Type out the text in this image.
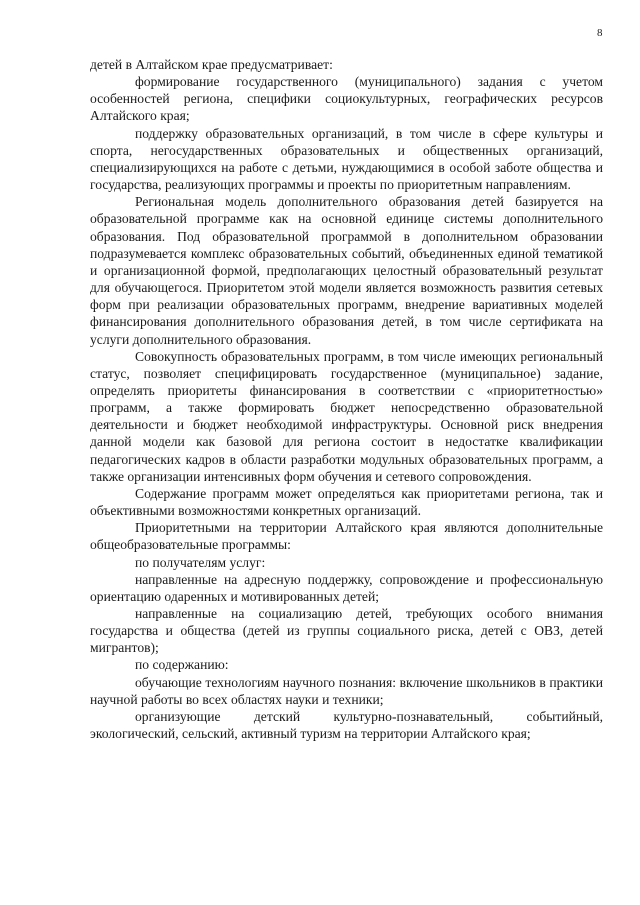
8

детей в Алтайском крае предусматривает:

формирование государственного (муниципального) задания с учетом особенностей региона, специфики социокультурных, географических ресурсов Алтайского края;

поддержку образовательных организаций, в том числе в сфере культуры и спорта, негосударственных образовательных и общественных организаций, специализирующихся на работе с детьми, нуждающимися в особой заботе общества и государства, реализующих программы и проекты по приоритетным направлениям.

Региональная модель дополнительного образования детей базируется на образовательной программе как на основной единице системы дополнительного образования. Под образовательной программой в дополнительном образовании подразумевается комплекс образовательных событий, объединенных единой тематикой и организационной формой, предполагающих целостный образовательный результат для обучающегося. Приоритетом этой модели является возможность развития сетевых форм при реализации образовательных программ, внедрение вариативных моделей финансирования дополнительного образования детей, в том числе сертификата на услуги дополнительного образования.

Совокупность образовательных программ, в том числе имеющих региональный статус, позволяет специфицировать государственное (муниципальное) задание, определять приоритеты финансирования в соответствии с «приоритетностью» программ, а также формировать бюджет непосредственно образовательной деятельности и бюджет необходимой инфраструктуры. Основной риск внедрения данной модели как базовой для региона состоит в недостатке квалификации педагогических кадров в области разработки модульных образовательных программ, а также организации интенсивных форм обучения и сетевого сопровождения.

Содержание программ может определяться как приоритетами региона, так и объективными возможностями конкретных организаций.

Приоритетными на территории Алтайского края являются дополнительные общеобразовательные программы:

по получателям услуг:

направленные на адресную поддержку, сопровождение и профессиональную ориентацию одаренных и мотивированных детей;

направленные на социализацию детей, требующих особого внимания государства и общества (детей из группы социального риска, детей с ОВЗ, детей мигрантов);

по содержанию:

обучающие технологиям научного познания: включение школьников в практики научной работы во всех областях науки и техники;

организующие детский культурно-познавательный, событийный, экологический, сельский, активный туризм на территории Алтайского края;
